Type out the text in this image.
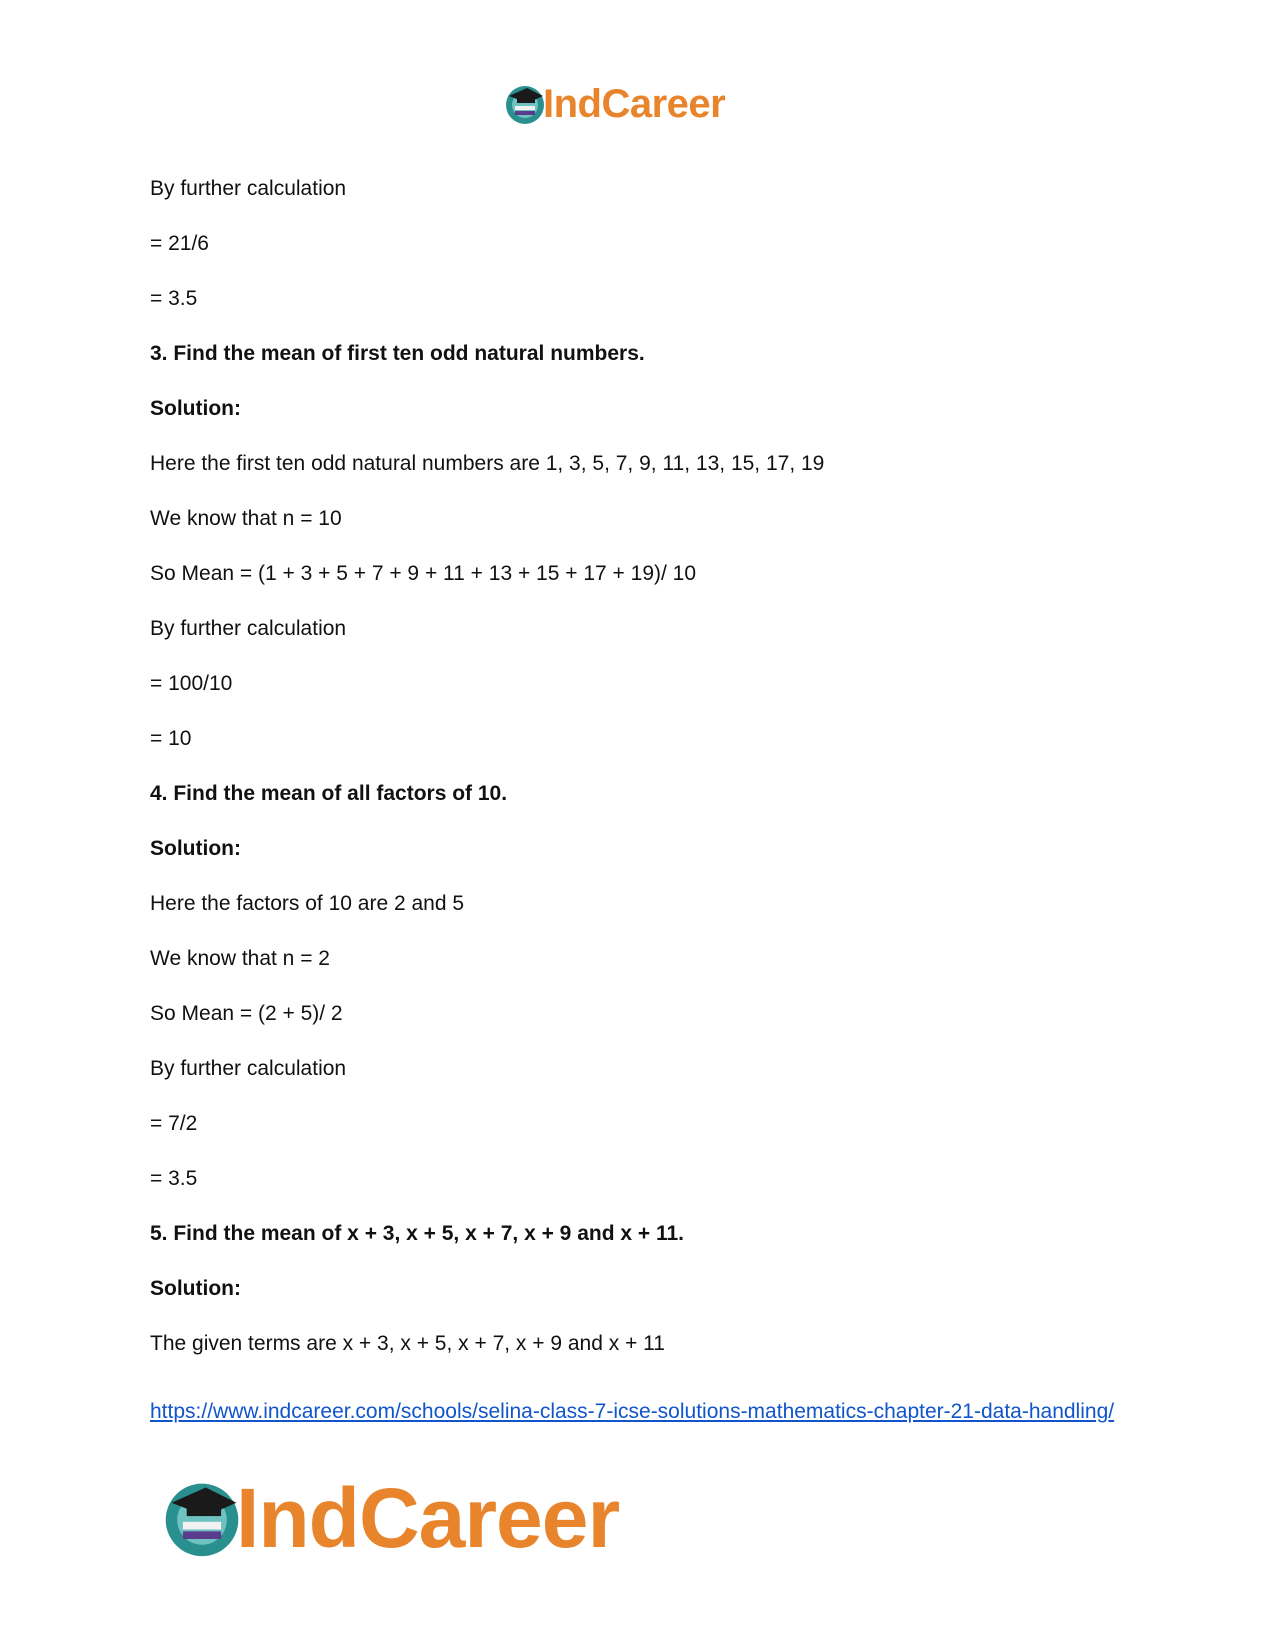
IndCareer
By further calculation
= 21/6
= 3.5
3. Find the mean of first ten odd natural numbers.
Solution:
Here the first ten odd natural numbers are 1, 3, 5, 7, 9, 11, 13, 15, 17, 19
We know that n = 10
So Mean = (1 + 3 + 5 + 7 + 9 + 11 + 13 + 15 + 17 + 19)/ 10
By further calculation
= 100/10
= 10
4. Find the mean of all factors of 10.
Solution:
Here the factors of 10 are 2 and 5
We know that n = 2
So Mean = (2 + 5)/ 2
By further calculation
= 7/2
= 3.5
5. Find the mean of x + 3, x + 5, x + 7, x + 9 and x + 11.
Solution:
The given terms are x + 3, x + 5, x + 7, x + 9 and x + 11
https://www.indcareer.com/schools/selina-class-7-icse-solutions-mathematics-chapter-21-data-handling/
IndCareer
